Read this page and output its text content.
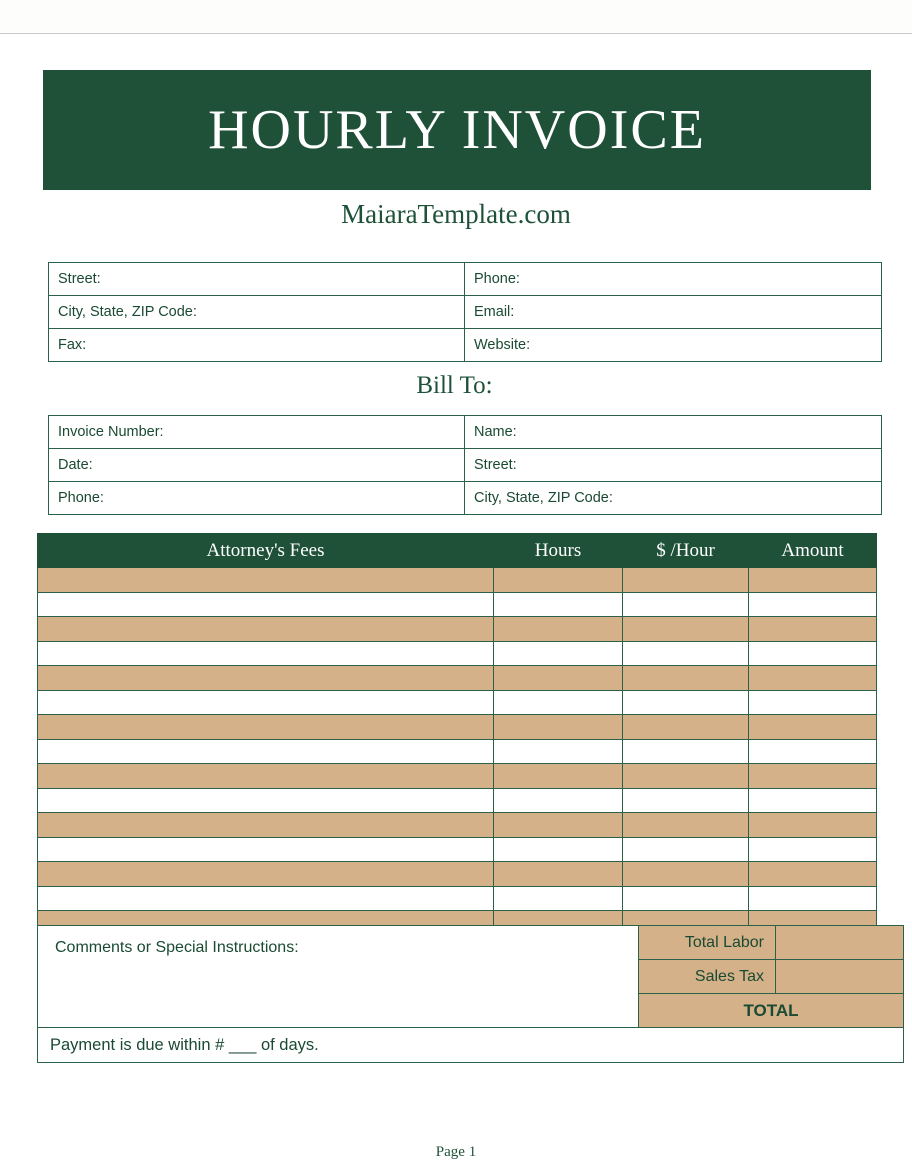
HOURLY INVOICE
MaiaraTemplate.com
Street:	Phone:
City, State, ZIP Code:	Email:
Fax:	Website:
Bill To:
Invoice Number:	Name:
Date:	Street:
Phone:	City, State, ZIP Code:
Attorney's Fees	Hours	$ /Hour	Amount

Comments or Special Instructions:	Total Labor	
	Sales Tax	
	TOTAL	
Payment is due within # ___ of days.		
Page 1
